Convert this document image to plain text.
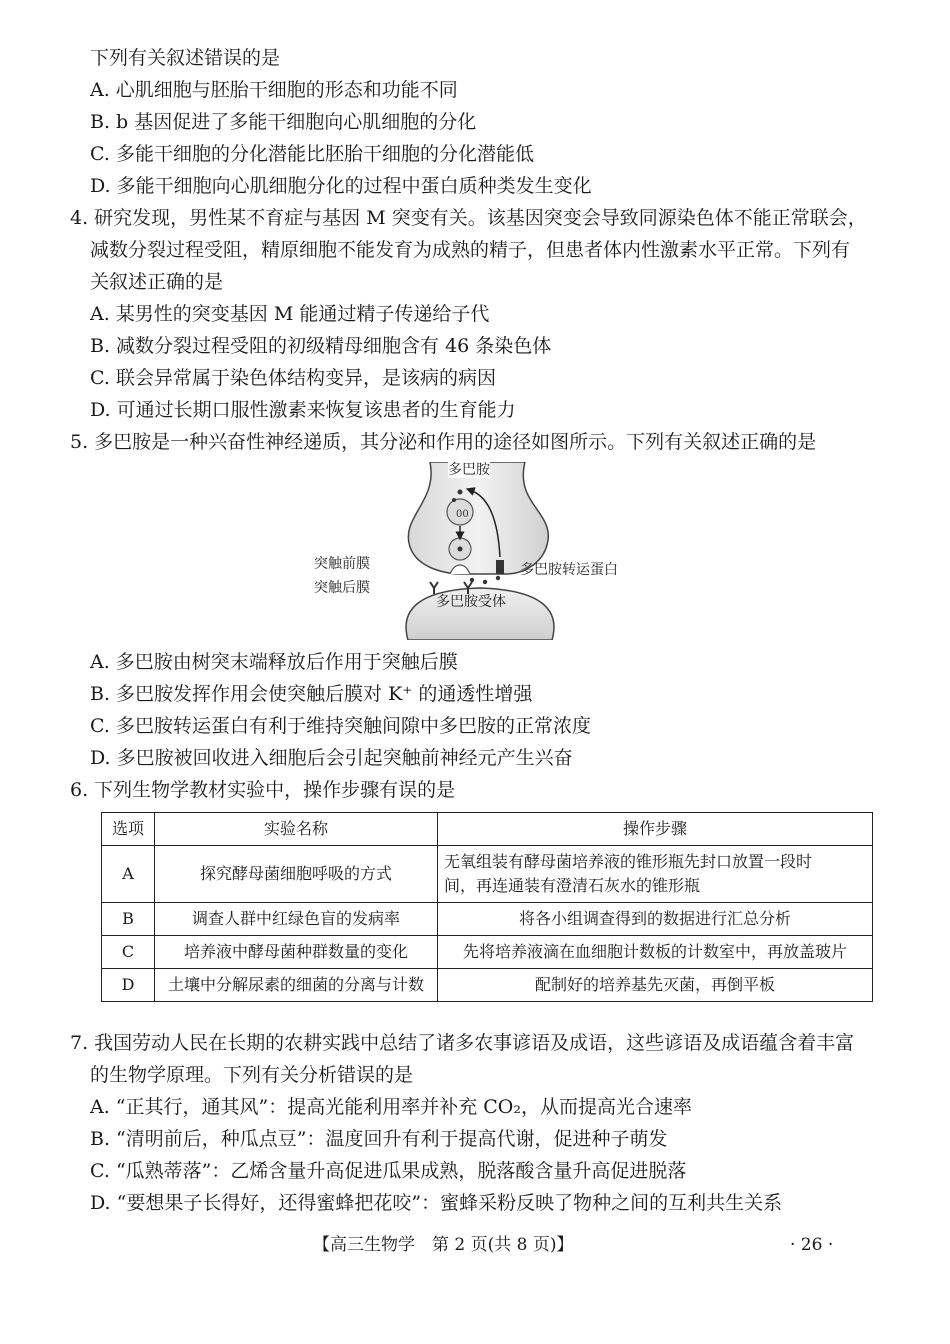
下列有关叙述错误的是
A. 心肌细胞与胚胎干细胞的形态和功能不同
B. b 基因促进了多能干细胞向心肌细胞的分化
C. 多能干细胞的分化潜能比胚胎干细胞的分化潜能低
D. 多能干细胞向心肌细胞分化的过程中蛋白质种类发生变化
4. 研究发现，男性某不育症与基因 M 突变有关。该基因突变会导致同源染色体不能正常联会，
减数分裂过程受阻，精原细胞不能发育为成熟的精子，但患者体内性激素水平正常。下列有
关叙述正确的是
A. 某男性的突变基因 M 能通过精子传递给子代
B. 减数分裂过程受阻的初级精母细胞含有 46 条染色体
C. 联会异常属于染色体结构变异，是该病的病因
D. 可通过长期口服性激素来恢复该患者的生育能力
5. 多巴胺是一种兴奋性神经递质，其分泌和作用的途径如图所示。下列有关叙述正确的是
00
多巴胺
突触前膜
突触后膜
多巴胺转运蛋白
多巴胺受体
A. 多巴胺由树突末端释放后作用于突触后膜
B. 多巴胺发挥作用会使突触后膜对 K⁺ 的通透性增强
C. 多巴胺转运蛋白有利于维持突触间隙中多巴胺的正常浓度
D. 多巴胺被回收进入细胞后会引起突触前神经元产生兴奋
6. 下列生物学教材实验中，操作步骤有误的是
选项	实验名称	操作步骤
A	探究酵母菌细胞呼吸的方式	无氧组装有酵母菌培养液的锥形瓶先封口放置一段时
间，再连通装有澄清石灰水的锥形瓶

B	调查人群中红绿色盲的发病率	将各小组调查得到的数据进行汇总分析
C	培养液中酵母菌种群数量的变化	先将培养液滴在血细胞计数板的计数室中，再放盖玻片
D	土壤中分解尿素的细菌的分离与计数	配制好的培养基先灭菌，再倒平板
7. 我国劳动人民在长期的农耕实践中总结了诸多农事谚语及成语，这些谚语及成语蕴含着丰富
的生物学原理。下列有关分析错误的是
A. “正其行，通其风”：提高光能利用率并补充 CO₂，从而提高光合速率
B. “清明前后，种瓜点豆”：温度回升有利于提高代谢，促进种子萌发
C. “瓜熟蒂落”：乙烯含量升高促进瓜果成熟，脱落酸含量升高促进脱落
D. “要想果子长得好，还得蜜蜂把花咬”：蜜蜂采粉反映了物种之间的互利共生关系
【高三生物学　第 2 页(共 8 页)】	· 26 ·
